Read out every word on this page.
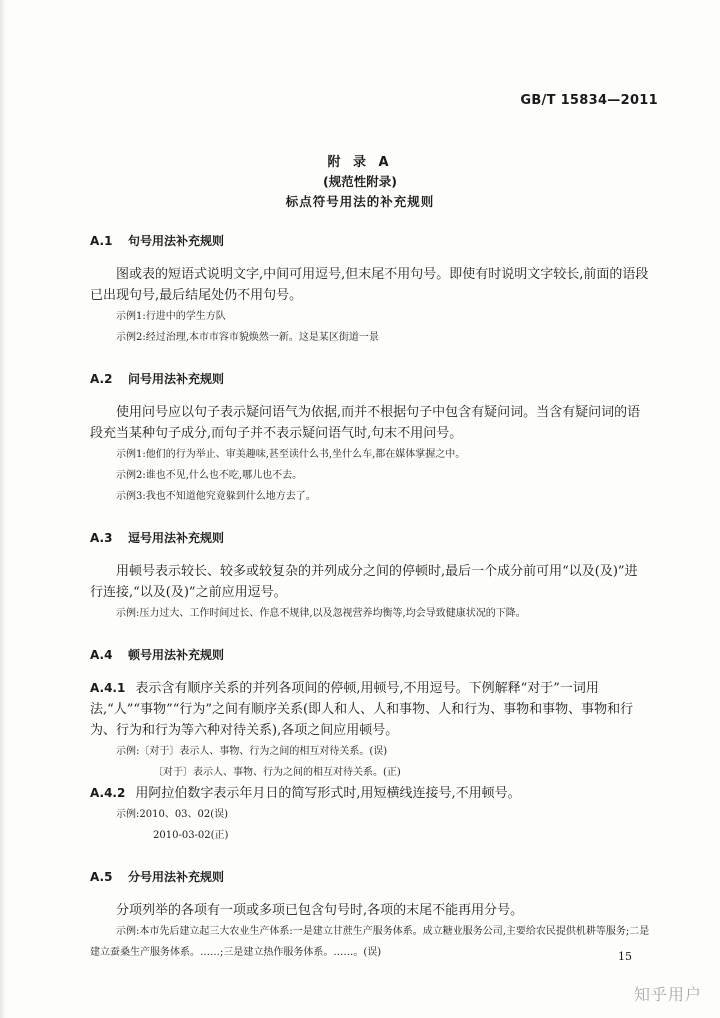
GB/T 15834—2011
附 录 A
(规范性附录)
标点符号用法的补充规则
A.1 句号用法补充规则

图或表的短语式说明文字,中间可用逗号,但末尾不用句号。即使有时说明文字较长,前面的语段已出现句号,最后结尾处仍不用句号。

示例1:行进中的学生方队

示例2:经过治理,本市市容市貌焕然一新。这是某区街道一景

A.2 问号用法补充规则

使用问号应以句子表示疑问语气为依据,而并不根据句子中包含有疑问词。当含有疑问词的语段充当某种句子成分,而句子并不表示疑问语气时,句末不用问号。

示例1:他们的行为举止、审美趣味,甚至读什么书,坐什么车,都在媒体掌握之中。

示例2:谁也不见,什么也不吃,哪儿也不去。

示例3:我也不知道他究竟躲到什么地方去了。

A.3 逗号用法补充规则

用顿号表示较长、较多或较复杂的并列成分之间的停顿时,最后一个成分前可用“以及(及)”进行连接,“以及(及)”之前应用逗号。

示例:压力过大、工作时间过长、作息不规律,以及忽视营养均衡等,均会导致健康状况的下降。

A.4 顿号用法补充规则

A.4.1 表示含有顺序关系的并列各项间的停顿,用顿号,不用逗号。下例解释“对于”一词用法,“人”“事物”“行为”之间有顺序关系(即人和人、人和事物、人和行为、事物和事物、事物和行为、行为和行为等六种对待关系),各项之间应用顿号。

示例:〔对于〕表示人、事物、行为之间的相互对待关系。(误)

〔对于〕表示人、事物、行为之间的相互对待关系。(正)

A.4.2 用阿拉伯数字表示年月日的简写形式时,用短横线连接号,不用顿号。

示例:2010、03、02(误)

2010-03-02(正)

A.5 分号用法补充规则

分项列举的各项有一项或多项已包含句号时,各项的末尾不能再用分号。

示例:本市先后建立起三大农业生产体系:一是建立甘蔗生产服务体系。成立糖业服务公司,主要给农民提供机耕等服务;二是建立蚕桑生产服务体系。……;三是建立热作服务体系。……。(误)	15
知乎用户
